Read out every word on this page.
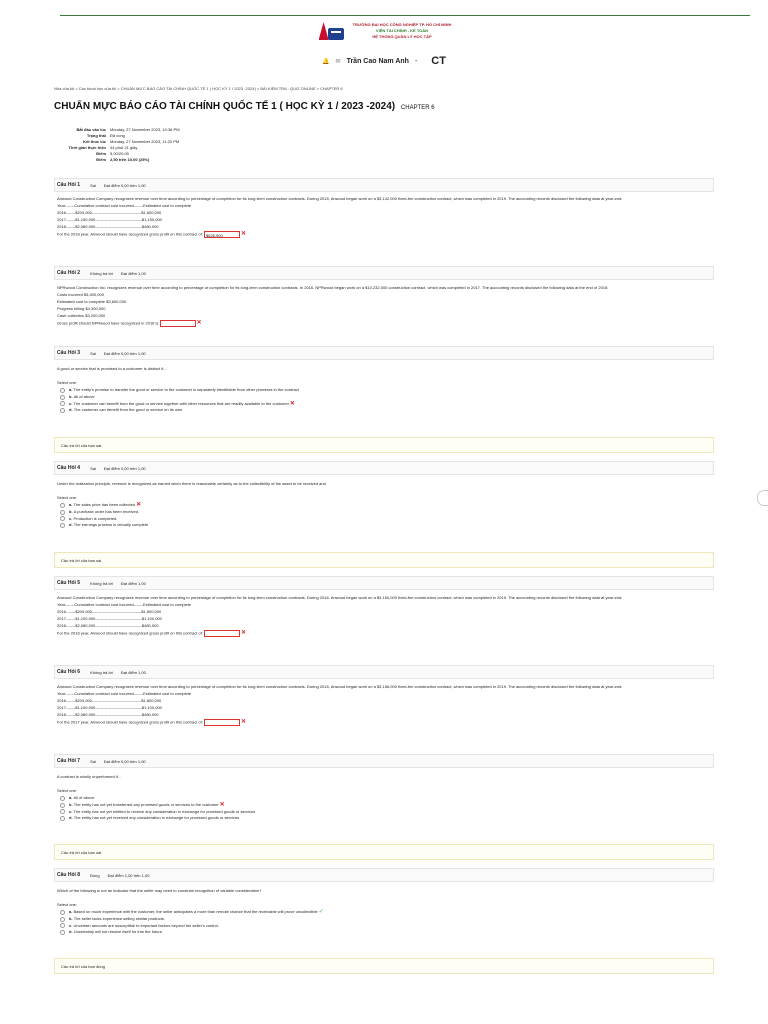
TRƯỜNG ĐẠI HỌC CÔNG NGHIỆP TP. HỒ CHÍ MINH
VIỆN TÀI CHÍNH - KẾ TOÁN
HỆ THỐNG QUẢN LÝ HỌC TẬP
🔔 ✉ Trần Cao Nam Anh - CT
Nhà của tôi > Các khoá học của tôi > CHUẨN MỰC BÁO CÁO TÀI CHÍNH QUỐC TẾ 1 ( HỌC KỲ 1 / 2023 -2024) > BÀI KIỂM TRA - QUIZ ONLINE > CHAPTER 6
CHUẨN MỰC BÁO CÁO TÀI CHÍNH QUỐC TẾ 1 ( HỌC KỲ 1 / 2023 -2024) CHAPTER 6
Bắt đầu vào lúc	Monday, 27 November 2023, 10:36 PM
Trạng thái	Đã xong
Kết thúc lúc	Monday, 27 November 2023, 11:20 PM
Thời gian thực hiện	44 phút 21 giây
Điểm	5,00/20,00
Điểm	2,50 trên 10,00 (25%)
Câu Hỏi 1	Sai Đạt điểm 0,00 trên 1,00

Anwood Construction Company recognizes revenue over time according to percentage of completion for its long-term construction contracts. During 2015, Anwood began work on a $3,142,000 fixed-fee construction contract, which was completed in 2019. The accounting records disclosed the following data at year-end:

Year-------Cumulative contract cost incurred-------Estimated cost to complete

2016-------$200,000-------------------------------------$1,600,000

2017-------$1,150,000-----------------------------------$1,150,000

2018-------$2,080,000-----------------------------------$480,000

For the 2018 year, Anwood should have recognized gross profit on this contract of: $626,900	✕

Câu Hỏi 2	Không trả lời Đạt điểm 1,00

NPRwood Construction Inc. recognizes revenue over time according to percentage of completion for its long-term construction contracts. In 2016, NPRwood began work on a $10,232,000 construction contract, which was completed in 2017. The accounting records disclosed the following data at the end of 2016:

Costs incurred $5,400,000

Estimated cost to complete $3,600,000

Progress billing $4,300,000

Cash collection $3,200,000

Gross profit should NPRwood have recognized in 2016 is:	✕

Câu Hỏi 3	Sai Đạt điểm 0,00 trên 1,00

A good or service that is promised to a customer is distinct if...

Select one:

a.
The entity's promise to transfer the good or service to the customer is separately identifiable from other promises in the contract
b.
All of above
c.
The customer can benefit from the good or service together with other resources that are readily available to the customer ✕
d.
The customer can benefit from the good or service on its own
Câu trả lời của bạn sai.
Câu Hỏi 4	Sai Đạt điểm 0,00 trên 1,00

Under the realization principle, revenue is recognized as earned when there is reasonable certainty as to the collectibility of the asset to be received and

Select one:

a.
The sales price has been collected ✕
b.
A purchase order has been received.
c.
Production is completed.
d.
The earnings process is virtually complete
Câu trả lời của bạn sai.
Câu Hỏi 5	Không trả lời Đạt điểm 1,00

Anwood Construction Company recognizes revenue over time according to percentage of completion for its long-term construction contracts. During 2016, Anwood began work on a $3,160,000 fixed-fee construction contract, which was completed in 2019. The accounting records disclosed the following data at year-end:

Year-------Cumulative contract cost incurred-------Estimated cost to complete

2016-------$200,000-------------------------------------$1,600,000

2017-------$1,100,000-----------------------------------$1,100,000

2018-------$2,080,000-----------------------------------$480,000

For the 2016 year, Anwood should have recognized gross profit on this contract of:	✕

Câu Hỏi 6	Không trả lời Đạt điểm 1,00

Anwood Construction Company recognizes revenue over time according to percentage of completion for its long-term construction contracts. During 2016, Anwood began work on a $3,156,000 fixed-fee construction contract, which was completed in 2019. The accounting records disclosed the following data at year-end:

Year-------Cumulative contract cost incurred-------Estimated cost to complete

2016-------$200,000-------------------------------------$1,800,000

2017-------$1,100,000-----------------------------------$1,100,000

2018-------$2,080,000-----------------------------------$480,000

For the 2017 year, Anwood should have recognized gross profit on this contract of:	✕

Câu Hỏi 7	Sai Đạt điểm 0,00 trên 1,00

A contract is wholly unperformed if...

Select one:

a.
All of above
b.
The entity has not yet transferred any promised goods or services to the customer ✕
c.
The entity has not yet entitled to receive any consideration in exchange for promised goods or services
d.
The entity has not yet received any consideration in exchange for promised goods or services
Câu trả lời của bạn sai.
Câu Hỏi 8	Đúng Đạt điểm 1,00 trên 1,00

Which of the following is not an indicator that the seller may need to constrain recognition of variable consideration?

Select one:

a.
Based on much experience with the customer, the seller anticipates a more than remote chance that the receivable will prove uncollectible ✓
b.
The seller lacks experience selling similar products.
c.
Uncertain amounts are susceptible to important factors beyond the seller's control.
d.
Uncertainty will not resolve itself for into the future.
Câu trả lời của bạn đúng
